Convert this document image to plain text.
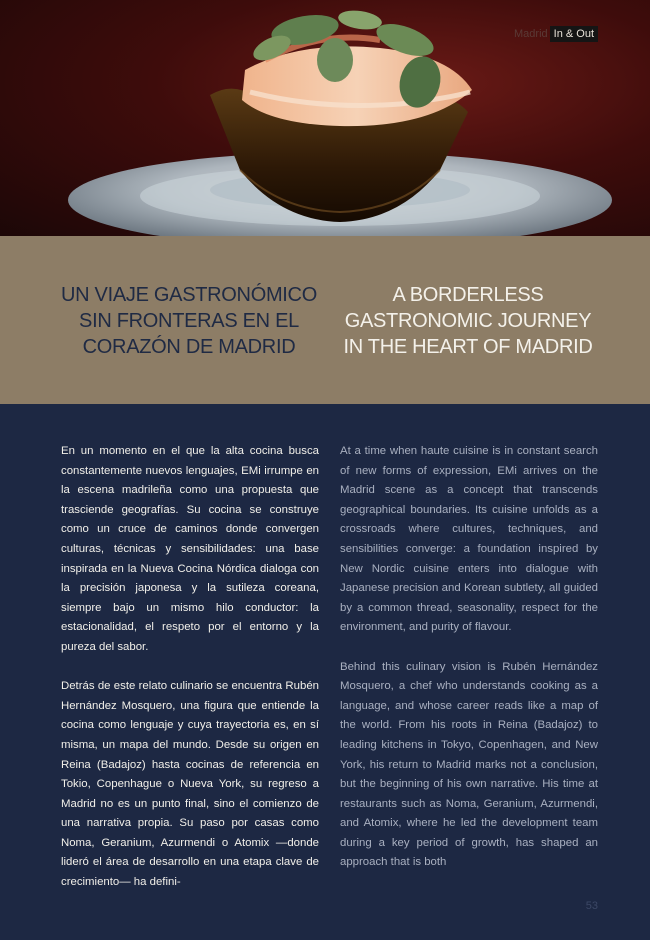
Madrid In & Out
UN VIAJE GASTRONÓMICO SIN FRONTERAS EN EL CORAZÓN DE MADRID
A BORDERLESS GASTRONOMIC JOURNEY IN THE HEART OF MADRID

En un momento en el que la alta cocina busca constantemente nuevos lenguajes, EMi irrumpe en la escena madrileña como una propuesta que trasciende geografías. Su cocina se construye como un cruce de caminos donde convergen culturas, técnicas y sensibilidades: una base inspirada en la Nueva Cocina Nórdica dialoga con la precisión japonesa y la sutileza coreana, siempre bajo un mismo hilo conductor: la estacionalidad, el respeto por el entorno y la pureza del sabor.

Detrás de este relato culinario se encuentra Rubén Hernández Mosquero, una figura que entiende la cocina como lenguaje y cuya trayectoria es, en sí misma, un mapa del mundo. Desde su origen en Reina (Badajoz) hasta cocinas de referencia en Tokio, Copenhague o Nueva York, su regreso a Madrid no es un punto final, sino el comienzo de una narrativa propia. Su paso por casas como Noma, Geranium, Azurmendi o Atomix —donde lideró el área de desarrollo en una etapa clave de crecimiento— ha defini-

At a time when haute cuisine is in constant search of new forms of expression, EMi arrives on the Madrid scene as a concept that transcends geographical boundaries. Its cuisine unfolds as a crossroads where cultures, techniques, and sensibilities converge: a foundation inspired by New Nordic cuisine enters into dialogue with Japanese precision and Korean subtlety, all guided by a common thread, seasonality, respect for the environment, and purity of flavour.

Behind this culinary vision is Rubén Hernández Mosquero, a chef who understands cooking as a language, and whose career reads like a map of the world. From his roots in Reina (Badajoz) to leading kitchens in Tokyo, Copenhagen, and New York, his return to Madrid marks not a conclusion, but the beginning of his own narrative. His time at restaurants such as Noma, Geranium, Azurmendi, and Atomix, where he led the development team during a key period of growth, has shaped an approach that is both

53
